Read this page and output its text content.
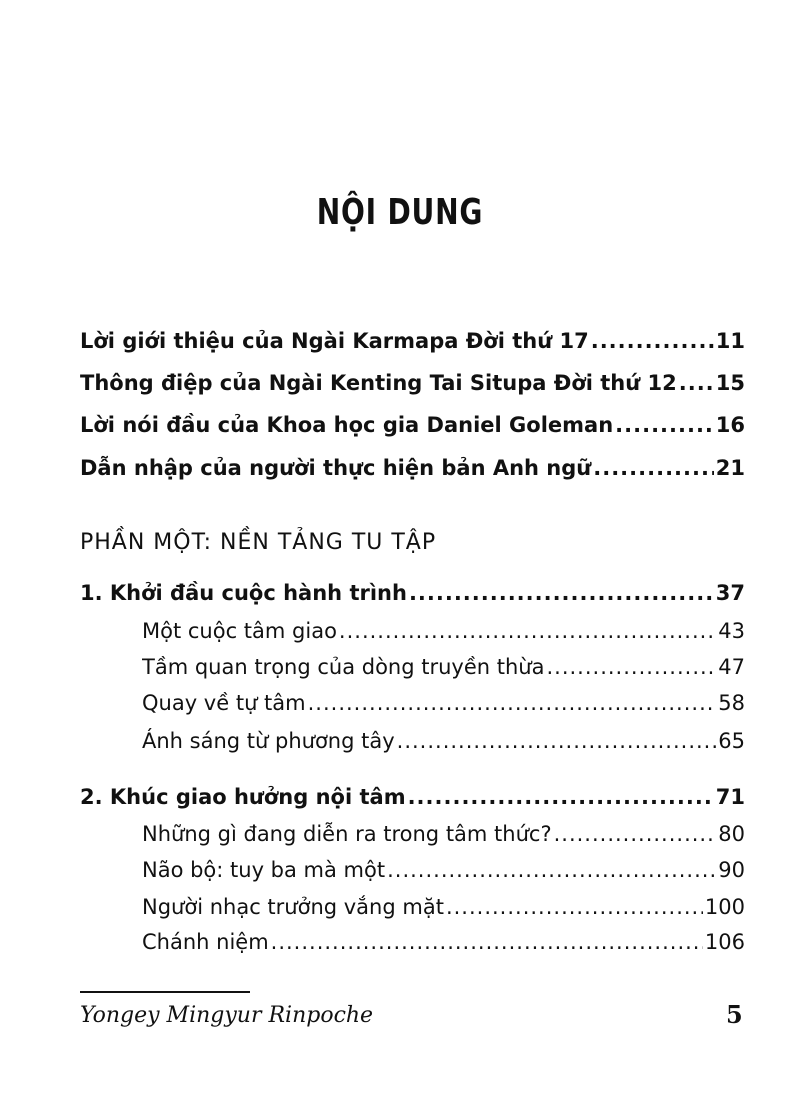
NỘI DUNG
Lời giới thiệu của Ngài Karmapa Đời thứ 17 .....	11
Thông điệp của Ngài Kenting Tai Situpa Đời thứ 12 ..... 15
Lời nói đầu của Khoa học gia Daniel Goleman .....	16
Dẫn nhập của người thực hiện bản Anh ngữ .....	21
PHẦN MỘT: NỀN TẢNG TU TẬP
1. Khởi đầu cuộc hành trình .....	37
Một cuộc tâm giao .....	43
Tầm quan trọng của dòng truyền thừa .....	47
Quay về tự tâm .....	58
Ánh sáng từ phương tây .....	65
2. Khúc giao hưởng nội tâm .....	71
Những gì đang diễn ra trong tâm thức? .....	80
Não bộ: tuy ba mà một .....	90
Người nhạc trưởng vắng mặt .....	100
Chánh niệm .....	106
Yongey Mingyur Rinpoche	5
